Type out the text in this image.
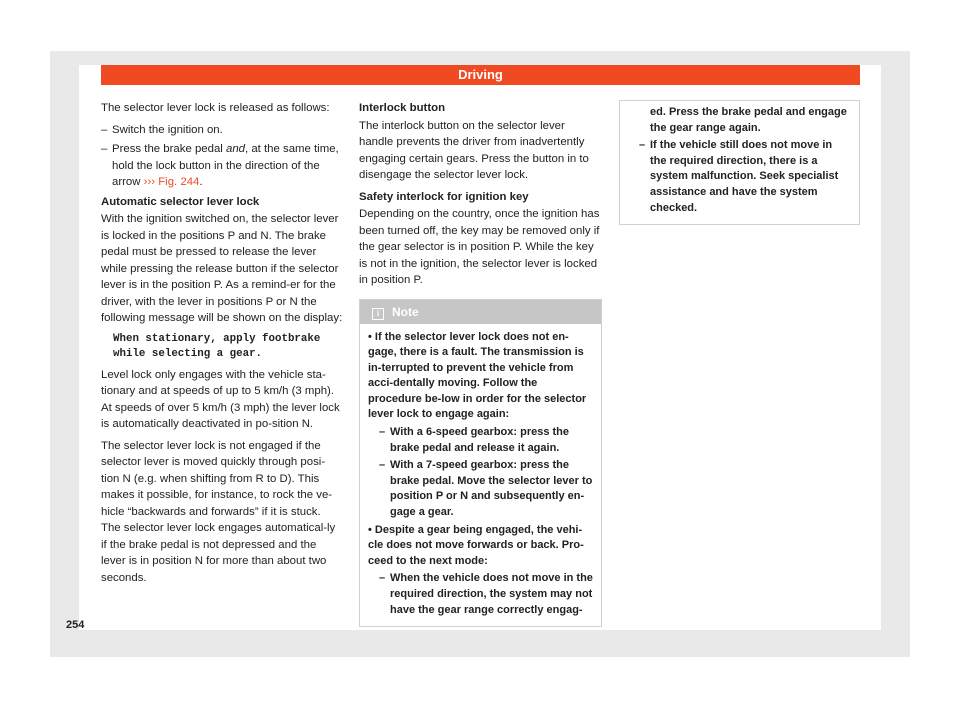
Driving

The selector lever lock is released as follows:

– Switch the ignition on.

– Press the brake pedal and, at the same time, hold the lock button in the direction of the arrow ››› Fig. 244.

Automatic selector lever lock

With the ignition switched on, the selector lever is locked in the positions P and N. The brake pedal must be pressed to release the lever while pressing the release button if the selector lever is in the position P. As a remind-er for the driver, with the lever in positions P or N the following message will be shown on the display:

When stationary, apply footbrake
while selecting a gear.

Level lock only engages with the vehicle sta-tionary and at speeds of up to 5 km/h (3 mph). At speeds of over 5 km/h (3 mph) the lever lock is automatically deactivated in po-sition N.

The selector lever lock is not engaged if the selector lever is moved quickly through posi-tion N (e.g. when shifting from R to D). This makes it possible, for instance, to rock the ve-hicle “backwards and forwards” if it is stuck. The selector lever lock engages automatical-ly if the brake pedal is not depressed and the lever is in position N for more than about two seconds.

Interlock button

The interlock button on the selector lever handle prevents the driver from inadvertently engaging certain gears. Press the button in to disengage the selector lever lock.

Safety interlock for ignition key

Depending on the country, once the ignition has been turned off, the key may be removed only if the gear selector is in position P. While the key is not in the ignition, the selector lever is locked in position P.

i Note

• If the selector lever lock does not en-gage, there is a fault. The transmission is in-terrupted to prevent the vehicle from acci-dentally moving. Follow the procedure be-low in order for the selector lever lock to engage again:

– With a 6-speed gearbox: press the brake pedal and release it again.

– With a 7-speed gearbox: press the brake pedal. Move the selector lever to position P or N and subsequently en-gage a gear.

• Despite a gear being engaged, the vehi-cle does not move forwards or back. Pro-ceed to the next mode:

– When the vehicle does not move in the required direction, the system may not have the gear range correctly engag-

ed. Press the brake pedal and engage the gear range again.

– If the vehicle still does not move in the required direction, there is a system malfunction. Seek specialist assistance and have the system checked.

254
